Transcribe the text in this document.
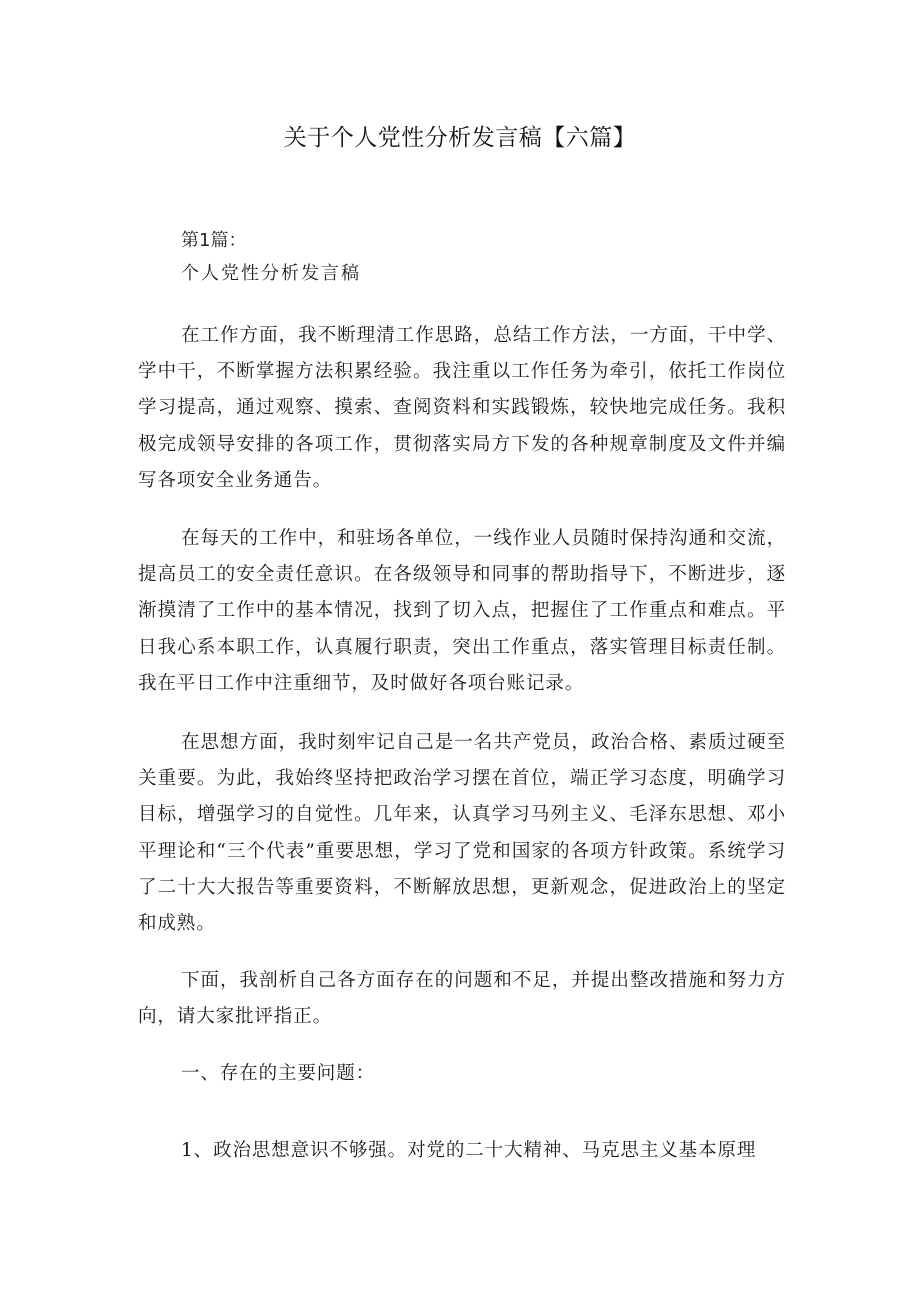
关于个人党性分析发言稿【六篇】
第1篇：
个人党性分析发言稿

在工作方面，我不断理清工作思路，总结工作方法，一方面，干中学、学中干，不断掌握方法积累经验。我注重以工作任务为牵引，依托工作岗位学习提高，通过观察、摸索、查阅资料和实践锻炼，较快地完成任务。我积极完成领导安排的各项工作，贯彻落实局方下发的各种规章制度及文件并编写各项安全业务通告。

在每天的工作中，和驻场各单位，一线作业人员随时保持沟通和交流，提高员工的安全责任意识。在各级领导和同事的帮助指导下，不断进步，逐渐摸清了工作中的基本情况，找到了切入点，把握住了工作重点和难点。平日我心系本职工作，认真履行职责，突出工作重点，落实管理目标责任制。我在平日工作中注重细节，及时做好各项台账记录。

在思想方面，我时刻牢记自己是一名共产党员，政治合格、素质过硬至关重要。为此，我始终坚持把政治学习摆在首位，端正学习态度，明确学习目标，增强学习的自觉性。几年来，认真学习马列主义、毛泽东思想、邓小平理论和“三个代表”重要思想，学习了党和国家的各项方针政策。系统学习了二十大大报告等重要资料，不断解放思想，更新观念，促进政治上的坚定和成熟。

下面，我剖析自己各方面存在的问题和不足，并提出整改措施和努力方向，请大家批评指正。

一、存在的主要问题：

1、政治思想意识不够强。对党的二十大精神、马克思主义基本原理
